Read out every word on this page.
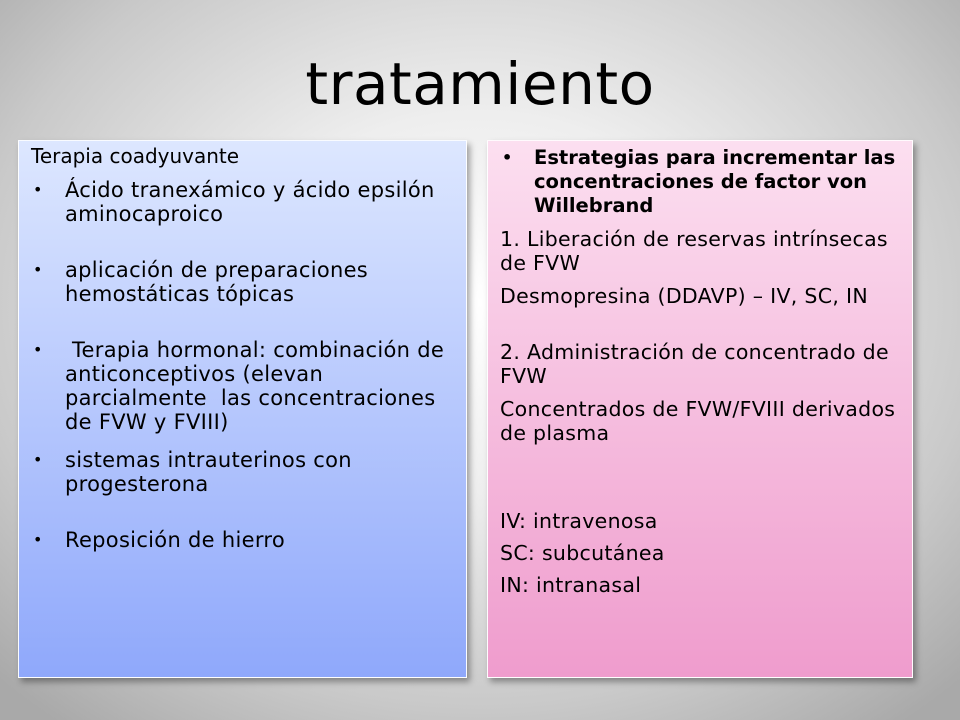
tratamiento
Terapia coadyuvante
• Ácido tranexámico y ácido epsilón aminocaproico
• aplicación de preparaciones hemostáticas tópicas
• Terapia hormonal: combinación de anticonceptivos (elevan parcialmente  las concentraciones de FVW y FVIII)
• sistemas intrauterinos con progesterona
• Reposición de hierro
• Estrategias para incrementar las concentraciones de factor von Willebrand
1. Liberación de reservas intrínsecas de FVW
Desmopresina (DDAVP) – IV, SC, IN
2. Administración de concentrado de FVW
Concentrados de FVW/FVIII derivados de plasma
IV: intravenosa
SC: subcutánea
IN: intranasal
